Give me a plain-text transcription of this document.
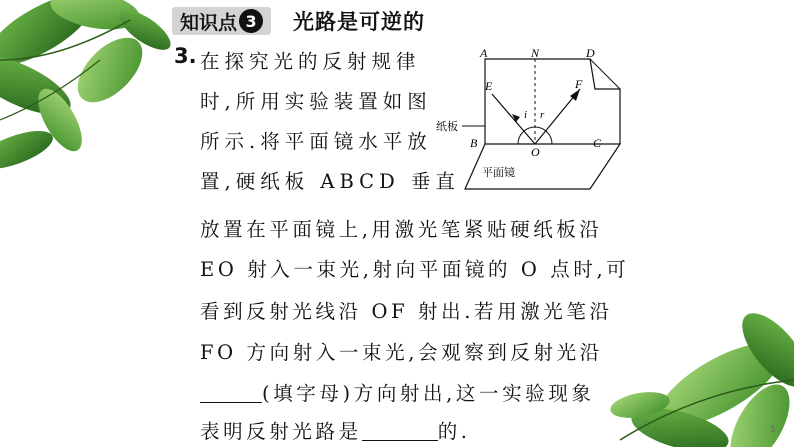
知识点 3	光路是可逆的
3. 在探究光的反射规律
时,所用实验装置如图
所示.将平面镜水平放
置,硬纸板 ABCD 垂直
放置在平面镜上,用激光笔紧贴硬纸板沿
EO 射入一束光,射向平面镜的 O 点时,可
看到反射光线沿 OF 射出.若用激光笔沿
FO 方向射入一束光,会观察到反射光沿
(填字母)方向射出,这一实验现象
表明反射光路是	的.
A	N	D
E	F
i r
B
O
C
纸板
平面镜
5
